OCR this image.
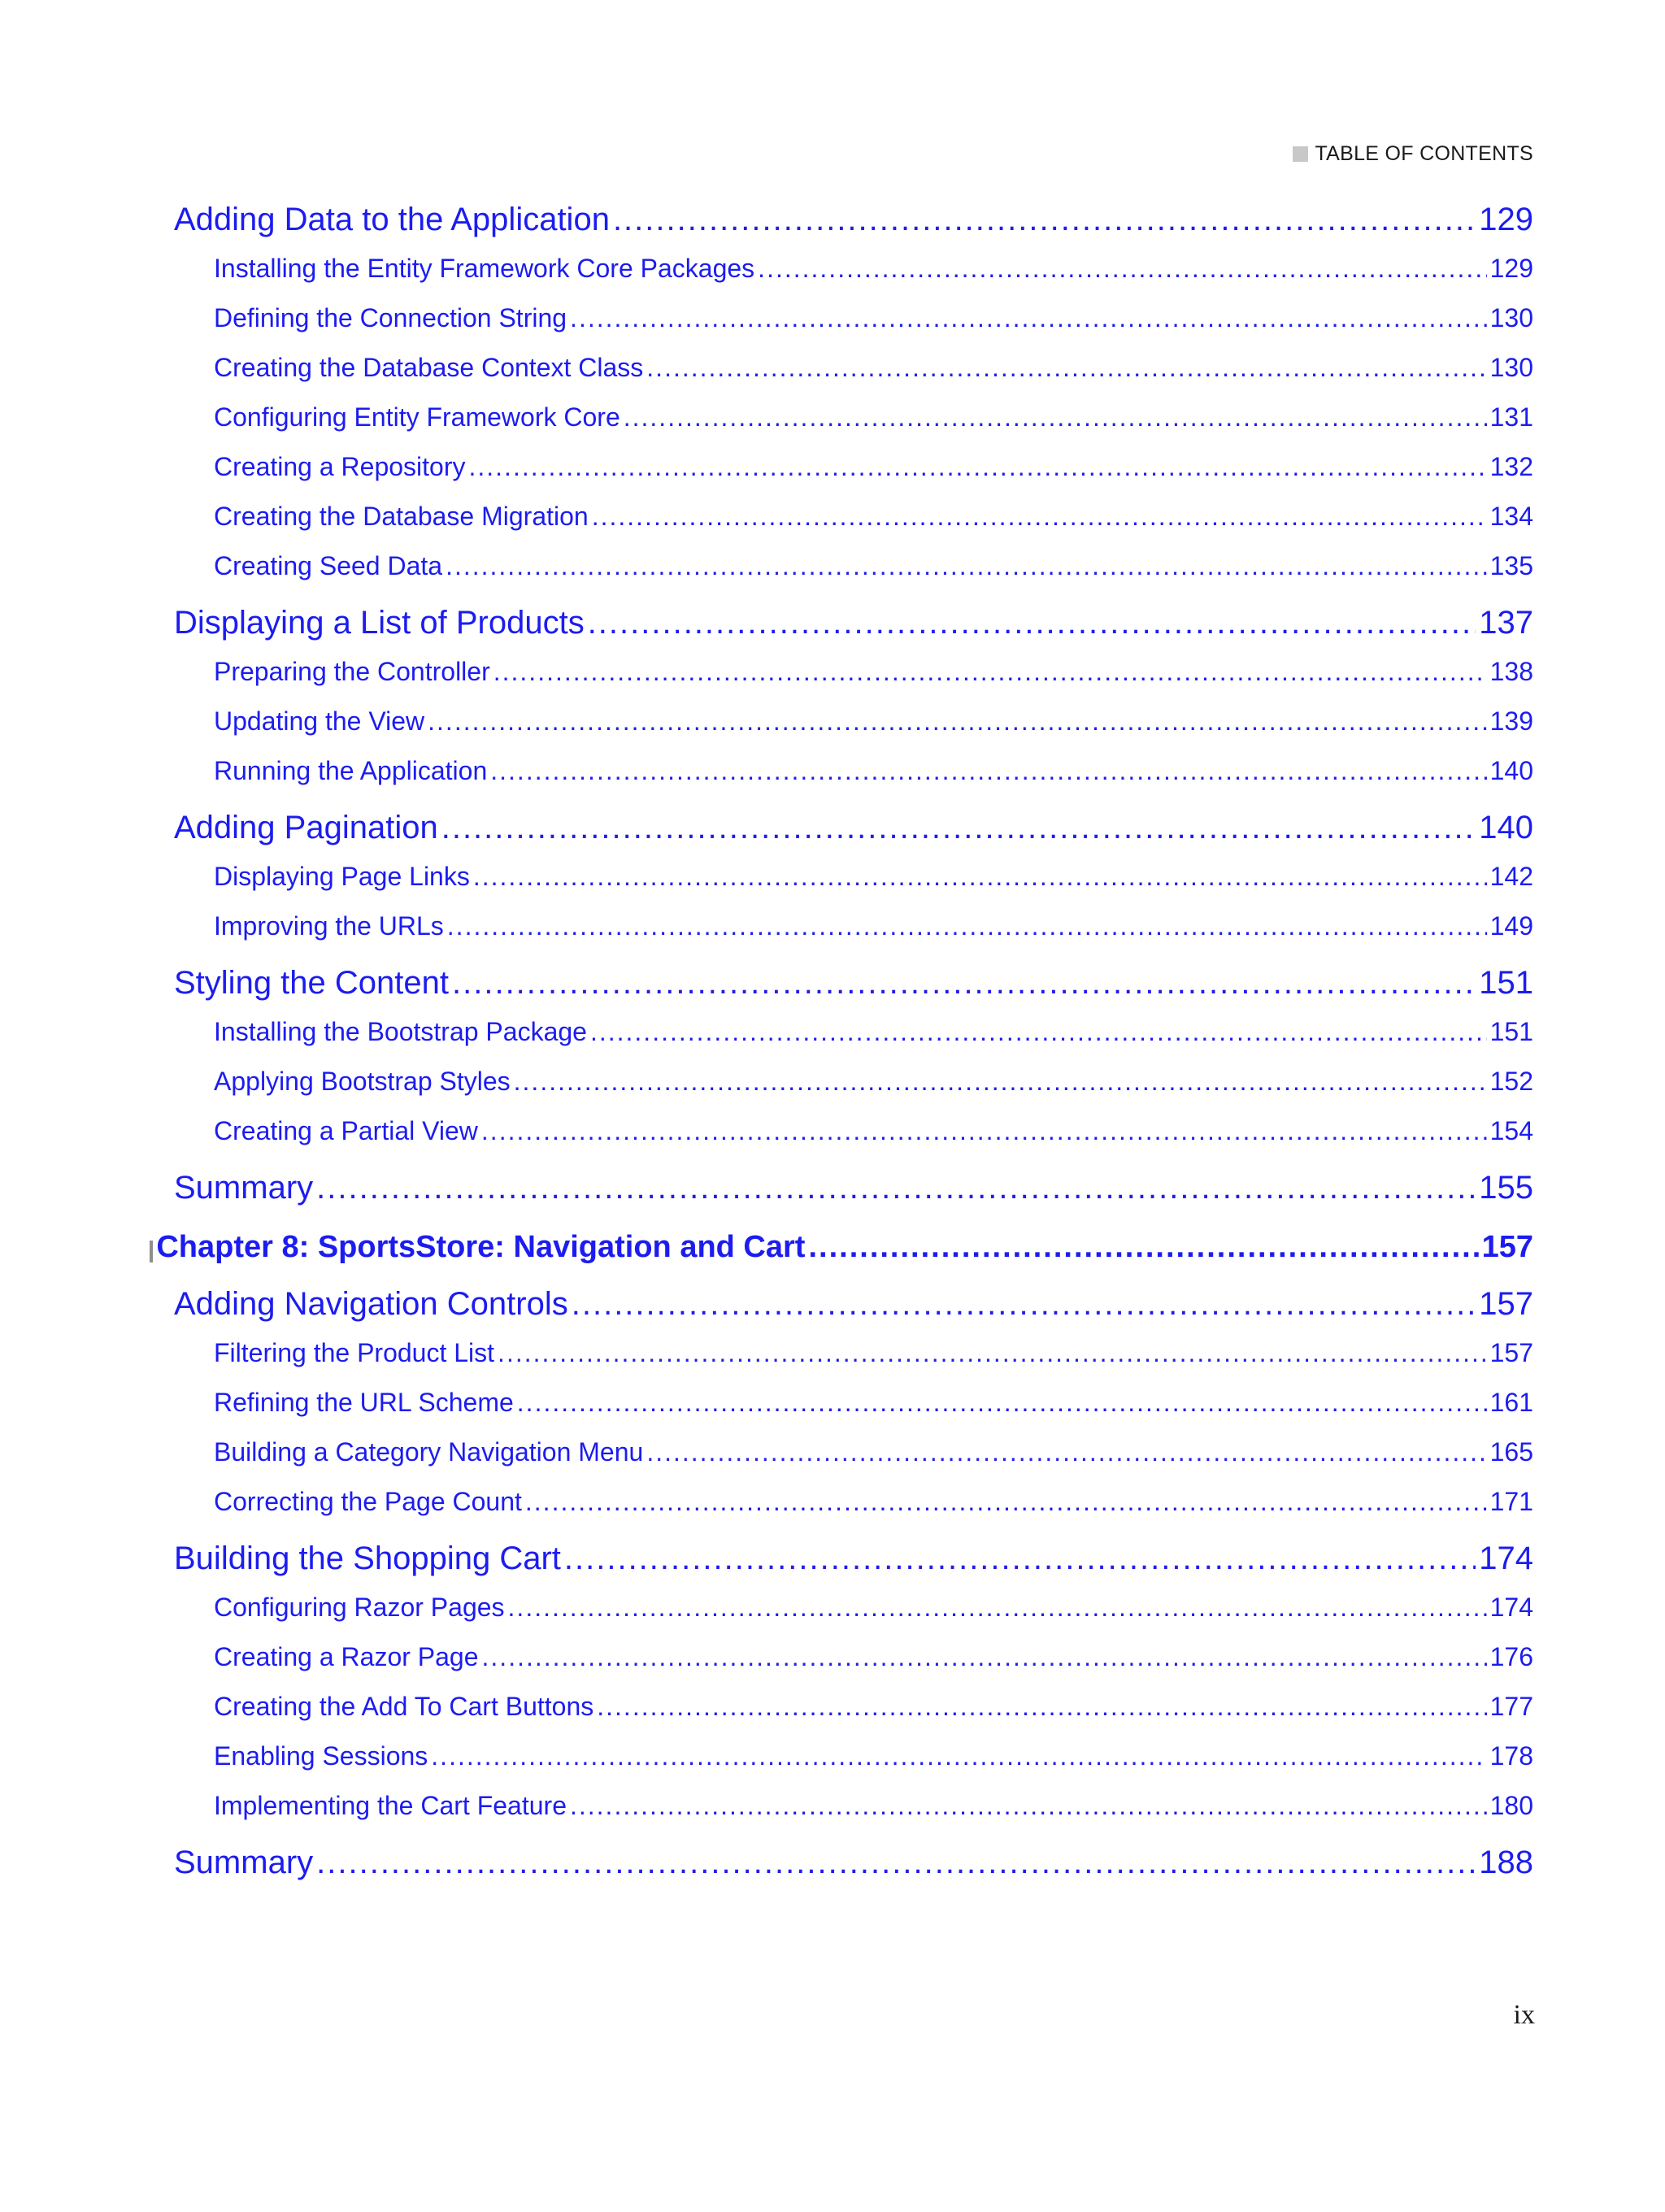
TABLE OF CONTENTS
Adding Data to the Application .....	129
Installing the Entity Framework Core Packages .....	129
Defining the Connection String .....	130
Creating the Database Context Class .....	130
Configuring Entity Framework Core .....	131
Creating a Repository .....	132
Creating the Database Migration .....	134
Creating Seed Data .....	135
Displaying a List of Products .....	137
Preparing the Controller .....	138
Updating the View .....	139
Running the Application .....	140
Adding Pagination .....	140
Displaying Page Links .....	142
Improving the URLs .....	149
Styling the Content .....	151
Installing the Bootstrap Package .....	151
Applying Bootstrap Styles .....	152
Creating a Partial View .....	154
Summary .....	155
Chapter 8: SportsStore: Navigation and Cart .....	157
Adding Navigation Controls .....	157
Filtering the Product List .....	157
Refining the URL Scheme .....	161
Building a Category Navigation Menu .....	165
Correcting the Page Count .....	171
Building the Shopping Cart .....	174
Configuring Razor Pages .....	174
Creating a Razor Page .....	176
Creating the Add To Cart Buttons .....	177
Enabling Sessions .....	178
Implementing the Cart Feature .....	180
Summary .....	188
ix
